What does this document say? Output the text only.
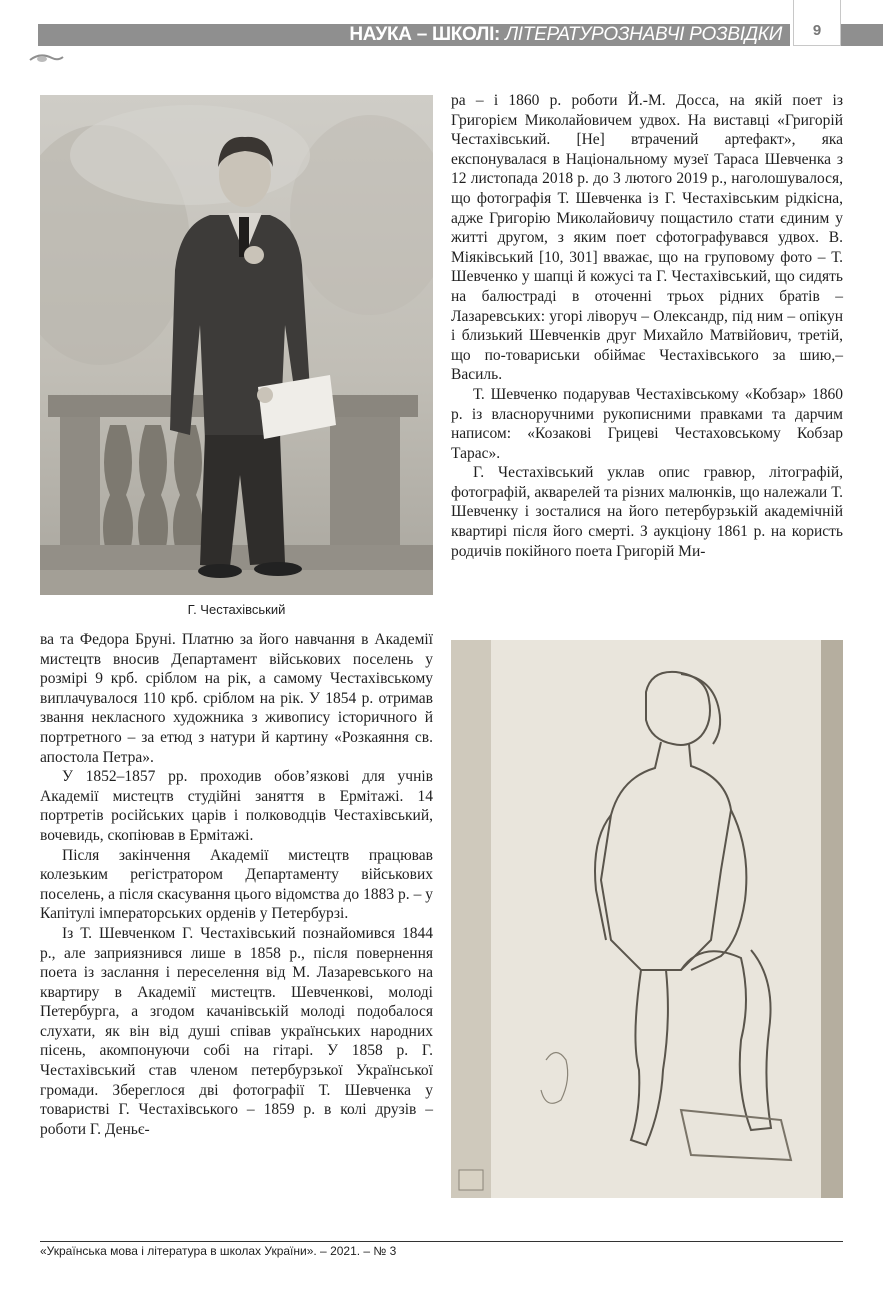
НАУКА – ШКОЛІ: ЛІТЕРАТУРОЗНАВЧІ РОЗВІДКИ	9
Г. Честахівський

ра – і 1860 р. роботи Й.-М. Досса, на якій поет із Григорієм Миколайовичем удвох. На виставці «Григорій Честахівський. [Не] втрачений артефакт», яка експонувалася в Національному музеї Тараса Шевченка з 12 листопада 2018 р. до 3 лютого 2019 р., наголошувалося, що фотографія Т. Шевченка із Г. Честахівським рідкісна, адже Григорію Миколайовичу пощастило стати єдиним у житті другом, з яким поет сфотографувався удвох. В. Міяківський [10, 301] вважає, що на груповому фото – Т. Шевченко у шапці й кожусі та Г. Честахівський, що сидять на балюстраді в оточенні трьох рідних братів – Лазаревських: угорі ліворуч – Олександр, під ним – опікун і близький Шевченків друг Михайло Матвійович, третій, що по-товариськи обіймає Честахівського за шию,– Василь.

Т. Шевченко подарував Честахівському «Кобзар» 1860 р. із власноручними рукописними правками та дарчим написом: «Козакові Грицеві Честаховському Кобзар Тарас».

Г. Честахівський уклав опис гравюр, літографій, фотографій, акварелей та різних малюнків, що належали Т. Шевченку і зосталися на його петербурзькій академічній квартирі після його смерті. З аукціону 1861 р. на користь родичів покійного поета Григорій Ми-

ва та Федора Бруні. Платню за його навчання в Академії мистецтв вносив Департамент військових поселень у розмірі 9 крб. сріблом на рік, а самому Честахівському виплачувалося 110 крб. сріблом на рік. У 1854 р. отримав звання некласного художника з живопису історичного й портретного – за етюд з натури й картину «Розкаяння св. апостола Петра».

У 1852–1857 рр. проходив обов’язкові для учнів Академії мистецтв студійні заняття в Ермітажі. 14 портретів російських царів і полководців Честахівський, вочевидь, скопіював в Ермітажі.

Після закінчення Академії мистецтв працював колезьким регістратором Департаменту військових поселень, а після скасування цього відомства до 1883 р. – у Капітулі імператорських орденів у Петербурзі.

Із Т. Шевченком Г. Честахівський познайомився 1844 р., але заприязнився лише в 1858 р., після повернення поета із заслання і переселення від М. Лазаревського на квартиру в Академії мистецтв. Шевченкові, молоді Петербурга, а згодом качанівській молоді подобалося слухати, як він від душі співав українських народних пісень, акомпонуючи собі на гітарі. У 1858 р. Г. Честахівський став членом петербурзької Української громади. Збереглося дві фотографії Т. Шевченка у товаристві Г. Честахівського – 1859 р. в колі друзів – роботи Г. Деньє-

«Українська мова і література в школах України». – 2021. – № 3
